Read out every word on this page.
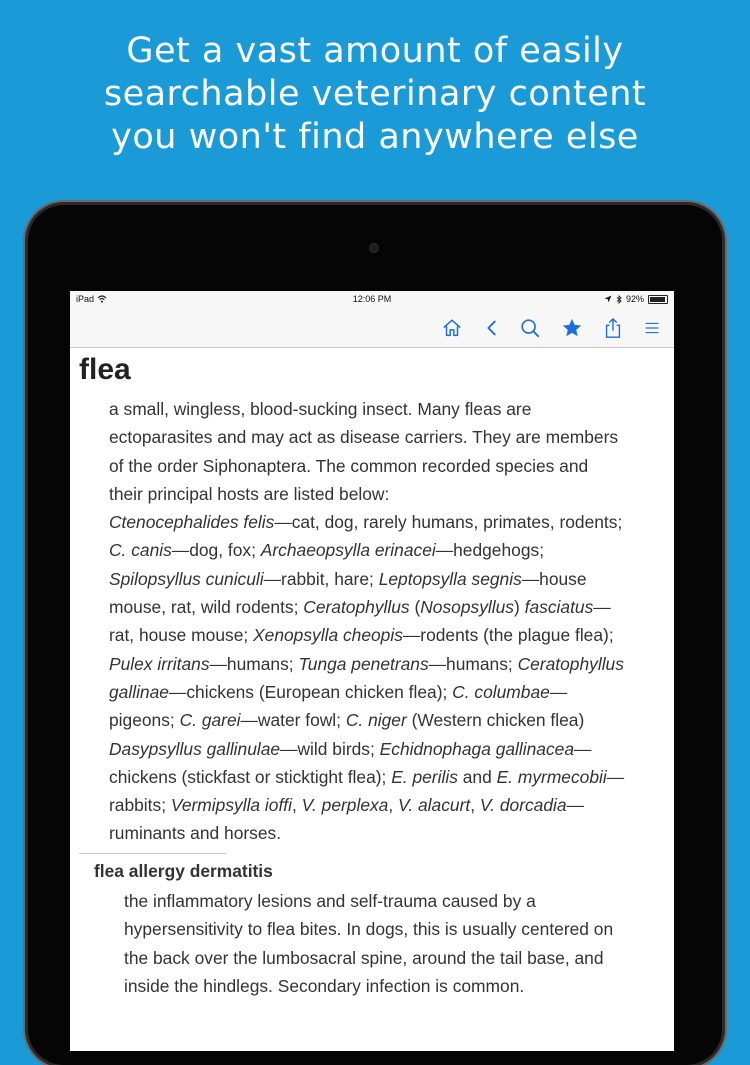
Get a vast amount of easily
searchable veterinary content
you won't find anywhere else
iPad	12:06 PM	92%
flea
a small, wingless, blood-sucking insect. Many fleas are
ectoparasites and may act as disease carriers. They are members
of the order Siphonaptera. The common recorded species and
their principal hosts are listed below:
Ctenocephalides felis—cat, dog, rarely humans, primates, rodents;
C. canis—dog, fox; Archaeopsylla erinacei—hedgehogs;
Spilopsyllus cuniculi—rabbit, hare; Leptopsylla segnis—house
mouse, rat, wild rodents; Ceratophyllus (Nosopsyllus) fasciatus—
rat, house mouse; Xenopsylla cheopis—rodents (the plague flea);
Pulex irritans—humans; Tunga penetrans—humans; Ceratophyllus
gallinae—chickens (European chicken flea); C. columbae—
pigeons; C. garei—water fowl; C. niger (Western chicken flea)
Dasypsyllus gallinulae—wild birds; Echidnophaga gallinacea—
chickens (stickfast or sticktight flea); E. perilis and E. myrmecobii—
rabbits; Vermipsylla ioffi, V. perplexa, V. alacurt, V. dorcadia—
ruminants and horses.
flea allergy dermatitis
the inflammatory lesions and self-trauma caused by a
hypersensitivity to flea bites. In dogs, this is usually centered on
the back over the lumbosacral spine, around the tail base, and
inside the hindlegs. Secondary infection is common.
